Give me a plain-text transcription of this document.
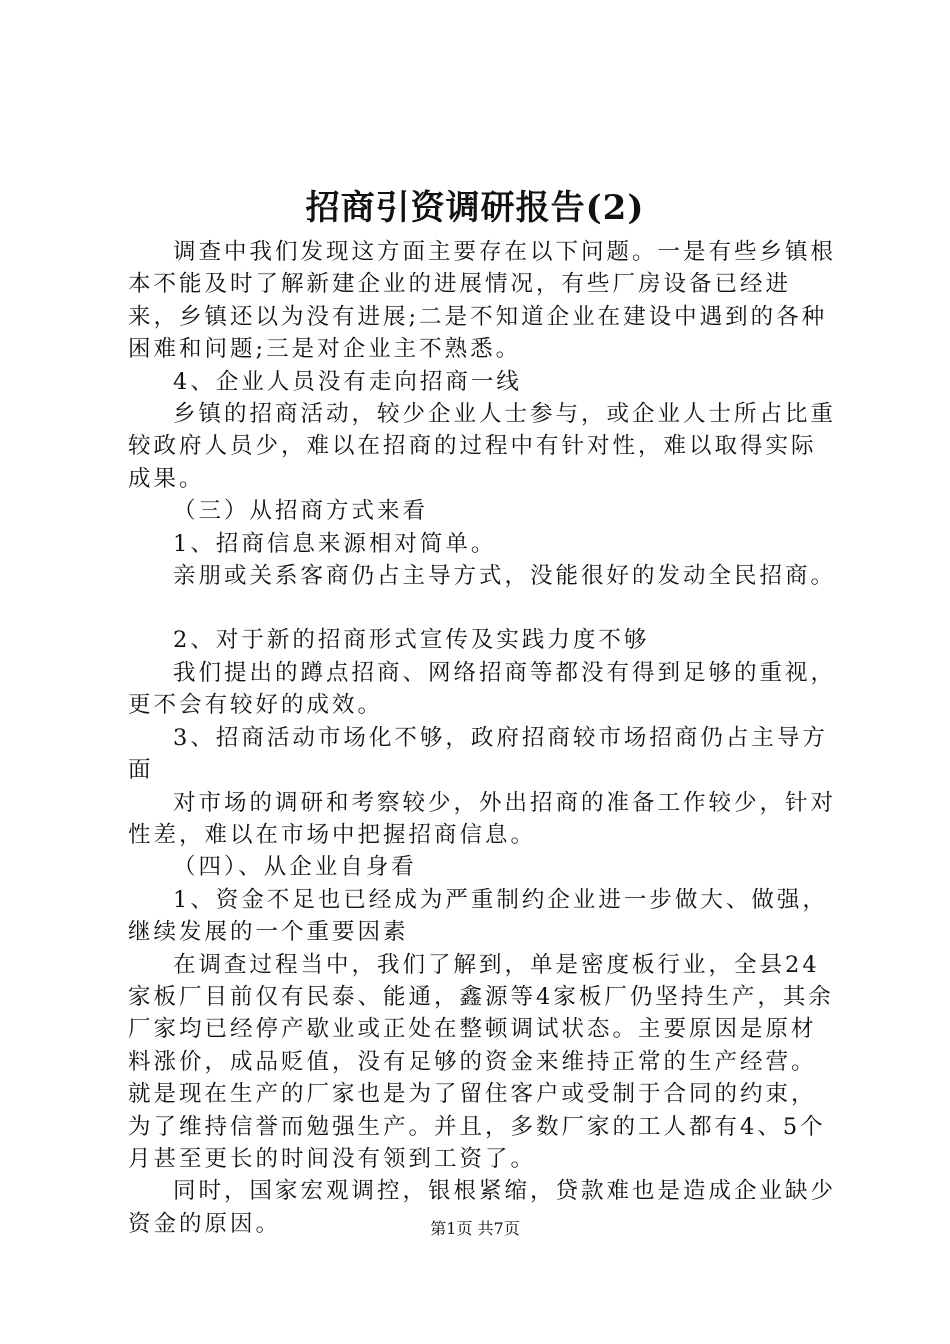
招商引资调研报告(2)

调查中我们发现这方面主要存在以下问题。一是有些乡镇根本不能及时了解新建企业的进展情况，有些厂房设备已经进来，乡镇还以为没有进展;二是不知道企业在建设中遇到的各种困难和问题;三是对企业主不熟悉。

4、企业人员没有走向招商一线

乡镇的招商活动，较少企业人士参与，或企业人士所占比重较政府人员少，难以在招商的过程中有针对性，难以取得实际成果。

（三）从招商方式来看

1、招商信息来源相对简单。

亲朋或关系客商仍占主导方式，没能很好的发动全民招商。

2、对于新的招商形式宣传及实践力度不够

我们提出的蹲点招商、网络招商等都没有得到足够的重视，更不会有较好的成效。

3、招商活动市场化不够，政府招商较市场招商仍占主导方面

对市场的调研和考察较少，外出招商的准备工作较少，针对性差，难以在市场中把握招商信息。

（四）、从企业自身看

1、资金不足也已经成为严重制约企业进一步做大、做强，继续发展的一个重要因素

在调查过程当中，我们了解到，单是密度板行业，全县24家板厂目前仅有民泰、能通，鑫源等4家板厂仍坚持生产，其余厂家均已经停产歇业或正处在整顿调试状态。主要原因是原材料涨价，成品贬值，没有足够的资金来维持正常的生产经营。就是现在生产的厂家也是为了留住客户或受制于合同的约束，为了维持信誉而勉强生产。并且，多数厂家的工人都有4、5个月甚至更长的时间没有领到工资了。

同时，国家宏观调控，银根紧缩，贷款难也是造成企业缺少资金的原因。	第1页 共7页
